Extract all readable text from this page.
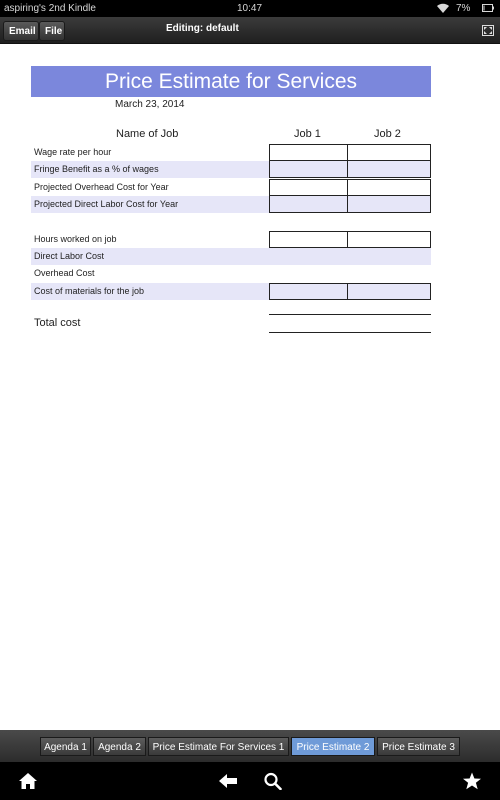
aspiring's 2nd Kindle	10:47	7%
Email File	Editing: default
Price Estimate for Services
March 23, 2014
Name of Job	Job 1	Job 2
Wage rate per hour
Fringe Benefit as a % of wages
Projected Overhead Cost for Year
Projected Direct Labor Cost for Year
Hours worked on job
Direct Labor Cost
Overhead Cost
Cost of materials for the job
Total cost
Agenda 1	Agenda 2	Price Estimate For Services 1	Price Estimate 2	Price Estimate 3
